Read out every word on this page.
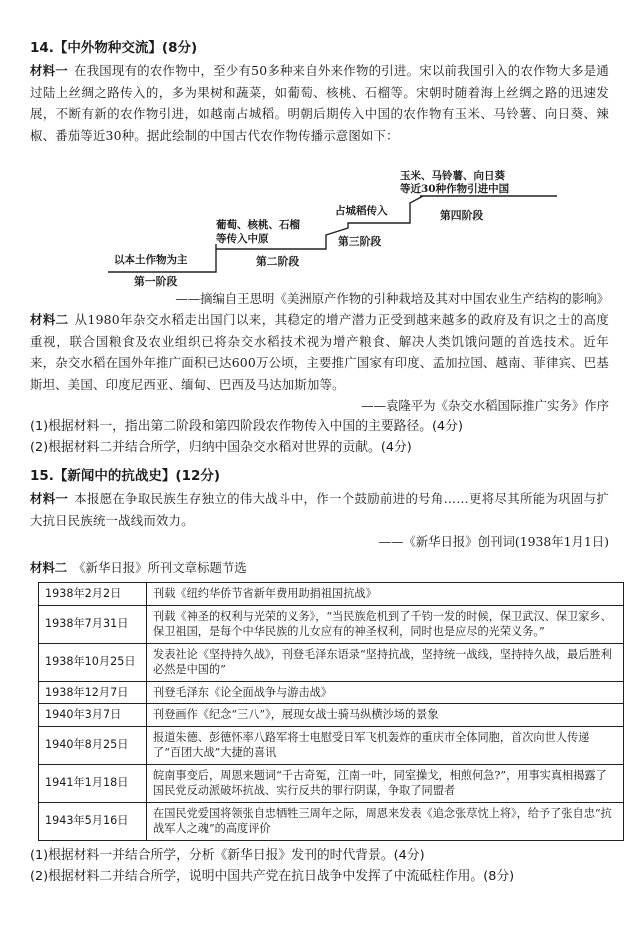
14.【中外物种交流】(8分)
材料一 在我国现有的农作物中，至少有50多种来自外来作物的引进。宋以前我国引入的农作物大多是通过陆上丝绸之路传入的，多为果树和蔬菜，如葡萄、核桃、石榴等。宋朝时随着海上丝绸之路的迅速发展，不断有新的农作物引进，如越南占城稻。明朝后期传入中国的农作物有玉米、马铃薯、向日葵、辣椒、番茄等近30种。据此绘制的中国古代农作物传播示意图如下：
以本土作物为主
第一阶段
葡萄、核桃、石榴
等传入中原
第二阶段
占城稻传入
第三阶段
玉米、马铃薯、向日葵
等近30种作物引进中国
第四阶段
——摘编自王思明《美洲原产作物的引种栽培及其对中国农业生产结构的影响》
材料二 从1980年杂交水稻走出国门以来，其稳定的增产潜力正受到越来越多的政府及有识之士的高度重视，联合国粮食及农业组织已将杂交水稻技术视为增产粮食、解决人类饥饿问题的首选技术。近年来，杂交水稻在国外年推广面积已达600万公顷，主要推广国家有印度、孟加拉国、越南、菲律宾、巴基斯坦、美国、印度尼西亚、缅甸、巴西及马达加斯加等。
——袁隆平为《杂交水稻国际推广实务》作序
(1)根据材料一，指出第二阶段和第四阶段农作物传入中国的主要路径。(4分)
(2)根据材料二并结合所学，归纳中国杂交水稻对世界的贡献。(4分)
15.【新闻中的抗战史】(12分)
材料一 本报愿在争取民族生存独立的伟大战斗中，作一个鼓励前进的号角……更将尽其所能为巩固与扩大抗日民族统一战线而效力。
——《新华日报》创刊词(1938年1月1日)
材料二 《新华日报》所刊文章标题节选
1938年2月2日	刊载《纽约华侨节省新年费用助捐祖国抗战》
1938年7月31日	刊载《神圣的权利与光荣的义务》，“当民族危机到了千钧一发的时候，保卫武汉、保卫家乡、保卫祖国，是每个中华民族的儿女应有的神圣权利，同时也是应尽的光荣义务。”
1938年10月25日	发表社论《坚持持久战》，刊登毛泽东语录“坚持抗战，坚持统一战线，坚持持久战，最后胜利必然是中国的”
1938年12月7日	刊登毛泽东《论全面战争与游击战》
1940年3月7日	刊登画作《纪念“三八”》，展现女战士骑马纵横沙场的景象
1940年8月25日	报道朱德、彭德怀率八路军将士电慰受日军飞机轰炸的重庆市全体同胞，首次向世人传递了“百团大战”大捷的喜讯
1941年1月18日	皖南事变后，周恩来题词“千古奇冤，江南一叶，同室操戈，相煎何急?”，用事实真相揭露了国民党反动派破坏抗战、实行反共的罪行阴谋，争取了同盟者
1943年5月16日	在国民党爱国将领张自忠牺牲三周年之际，周恩来发表《追念张荩忱上将》，给予了张自忠“抗战军人之魂”的高度评价
(1)根据材料一并结合所学，分析《新华日报》发刊的时代背景。(4分)
(2)根据材料二并结合所学，说明中国共产党在抗日战争中发挥了中流砥柱作用。(8分)
